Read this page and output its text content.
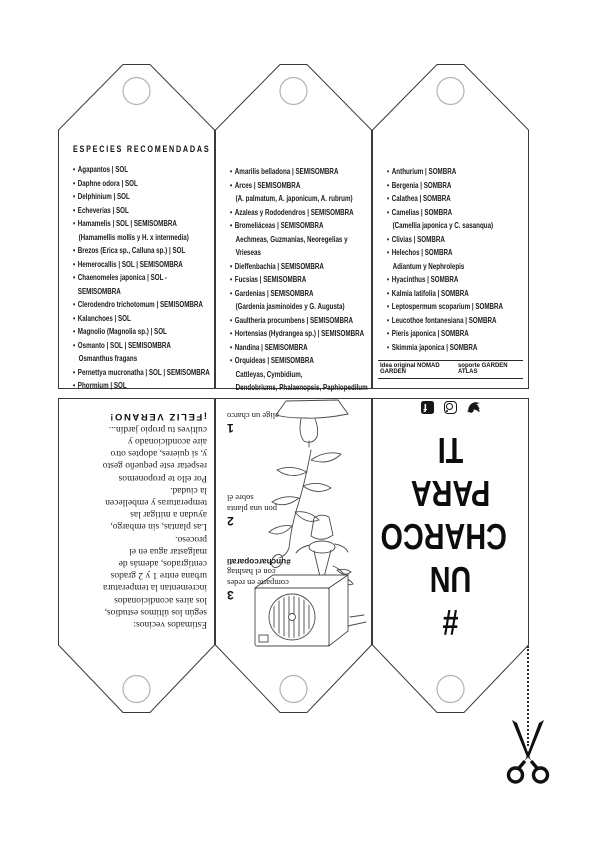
ESPECIES RECOMENDADAS
• Agapantos | SOL
• Daphne odora | SOL
• Delphinium | SOL
• Echeverias | SOL
• Hamamelis | SOL | SEMISOMBRA
(Hamamellis mollis y H. x intermedia)
• Brezos (Erica sp., Calluna sp.) | SOL
• Hemerocallis | SOL | SEMISOMBRA
• Chaenomeles japonica | SOL - SEMISOMBRA
• Clerodendro trichotomum | SEMISOMBRA
• Kalanchoes | SOL
• Magnolio (Magnolia sp.) | SOL
• Osmanto | SOL | SEMISOMBRA
Osmanthus fragans
• Pernettya mucronatha | SOL | SEMISOMBRA
• Phormium | SOL
• Amarilis belladona | SEMISOMBRA
• Arces | SEMISOMBRA
(A. palmatum, A. japonicum, A. rubrum)
• Azaleas y Rododendros | SEMISOMBRA
• Bromeliáceas | SEMISOMBRA
Aechmeas, Guzmanias, Neoregelias y Vrieseas
• Dieffenbachia | SEMISOMBRA
• Fucsias | SEMISOMBRA
• Gardenias | SEMISOMBRA
(Gardenia jasminoides y G. Augusta)
• Gaultheria procumbens | SEMISOMBRA
• Hortensias (Hydrangea sp.) | SEMISOMBRA
• Nandina | SEMISOMBRA
• Orquideas | SEMISOMBRA
Cattleyas, Cymbidium,
Dendobriums, Phalaenopsis, Paphiopedilum
• Anthurium | SOMBRA
• Bergenia | SOMBRA
• Calathea | SOMBRA
• Camelias | SOMBRA
(Camellia japonica y C. sasanqua)
• Clivias | SOMBRA
• Helechos | SOMBRA
Adiantum y Nephrolepis
• Hyacinthus | SOMBRA
• Kalmia latifolia | SOMBRA
• Leptospermum scoparium | SOMBRA
• Leucothoe fontanesiana | SOMBRA
• Pieris japonica | SOMBRA
• Skimmia japonica | SOMBRA
Idea original NOMAD GARDEN
soporte GARDEN ATLAS
Estimados vecinos:
según los últimos estudios,
los aires acondicionados
incrementan la temperatura
urbana entre 1 y 2 grados
centígrados, además de
malgastar agua en el
proceso.
Las plantas, sin embargo,
ayudan a mitigar las
temperaturas y embellecen
la ciudad.
Por ello te proponemos
respetar este pequeño gesto
y, si quieres, adoptes otro
aire acondicionado y
cultives tu propio jardín...
¡FELIZ VERANO!
1
elige un charco
2
pon una planta
sobre él
3
comparte en redes
con el hashtag
#uncharcoparati
f
#
UN
CHARCO
PARA
TI
